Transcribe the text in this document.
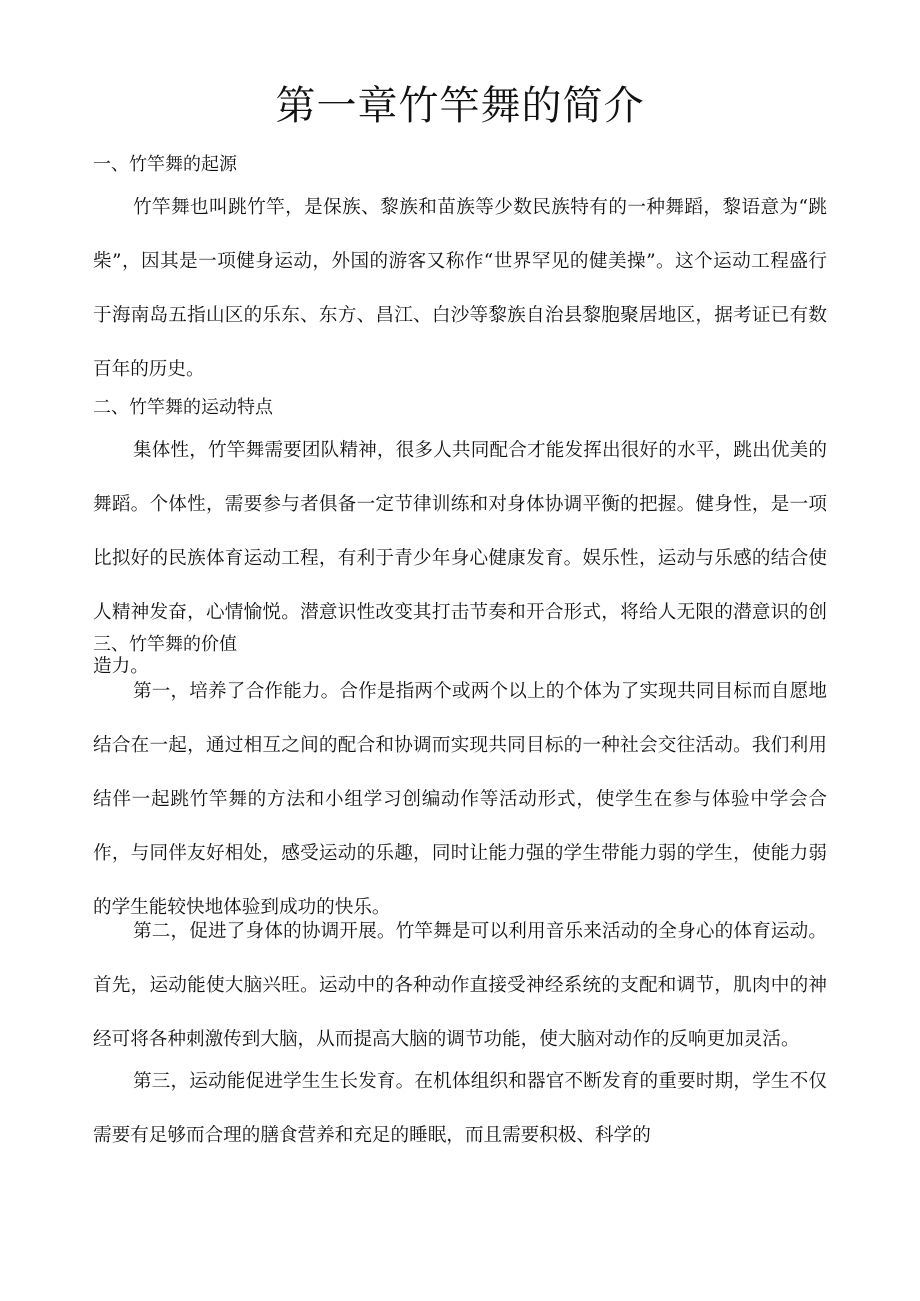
第一章竹竿舞的简介
一、竹竿舞的起源

竹竿舞也叫跳竹竿，是保族、黎族和苗族等少数民族特有的一种舞蹈，黎语意为“跳柴”，因其是一项健身运动，外国的游客又称作“世界罕见的健美操”。这个运动工程盛行于海南岛五指山区的乐东、东方、昌江、白沙等黎族自治县黎胞聚居地区，据考证已有数百年的历史。

二、竹竿舞的运动特点

集体性，竹竿舞需要团队精神，很多人共同配合才能发挥出很好的水平，跳出优美的舞蹈。个体性，需要参与者俱备一定节律训练和对身体协调平衡的把握。健身性，是一项比拟好的民族体育运动工程，有利于青少年身心健康发育。娱乐性，运动与乐感的结合使人精神发奋，心情愉悦。潜意识性改变其打击节奏和开合形式，将给人无限的潜意识的创造力。

三、竹竿舞的价值

第一，培养了合作能力。合作是指两个或两个以上的个体为了实现共同目标而自愿地结合在一起，通过相互之间的配合和协调而实现共同目标的一种社会交往活动。我们利用结伴一起跳竹竿舞的方法和小组学习创编动作等活动形式，使学生在参与体验中学会合作，与同伴友好相处，感受运动的乐趣，同时让能力强的学生带能力弱的学生，使能力弱的学生能较快地体验到成功的快乐。

第二，促进了身体的协调开展。竹竿舞是可以利用音乐来活动的全身心的体育运动。首先，运动能使大脑兴旺。运动中的各种动作直接受神经系统的支配和调节，肌肉中的神经可将各种刺激传到大脑，从而提高大脑的调节功能，使大脑对动作的反响更加灵活。

第三，运动能促进学生生长发育。在机体组织和器官不断发育的重要时期，学生不仅需要有足够而合理的膳食营养和充足的睡眠，而且需要积极、科学的
